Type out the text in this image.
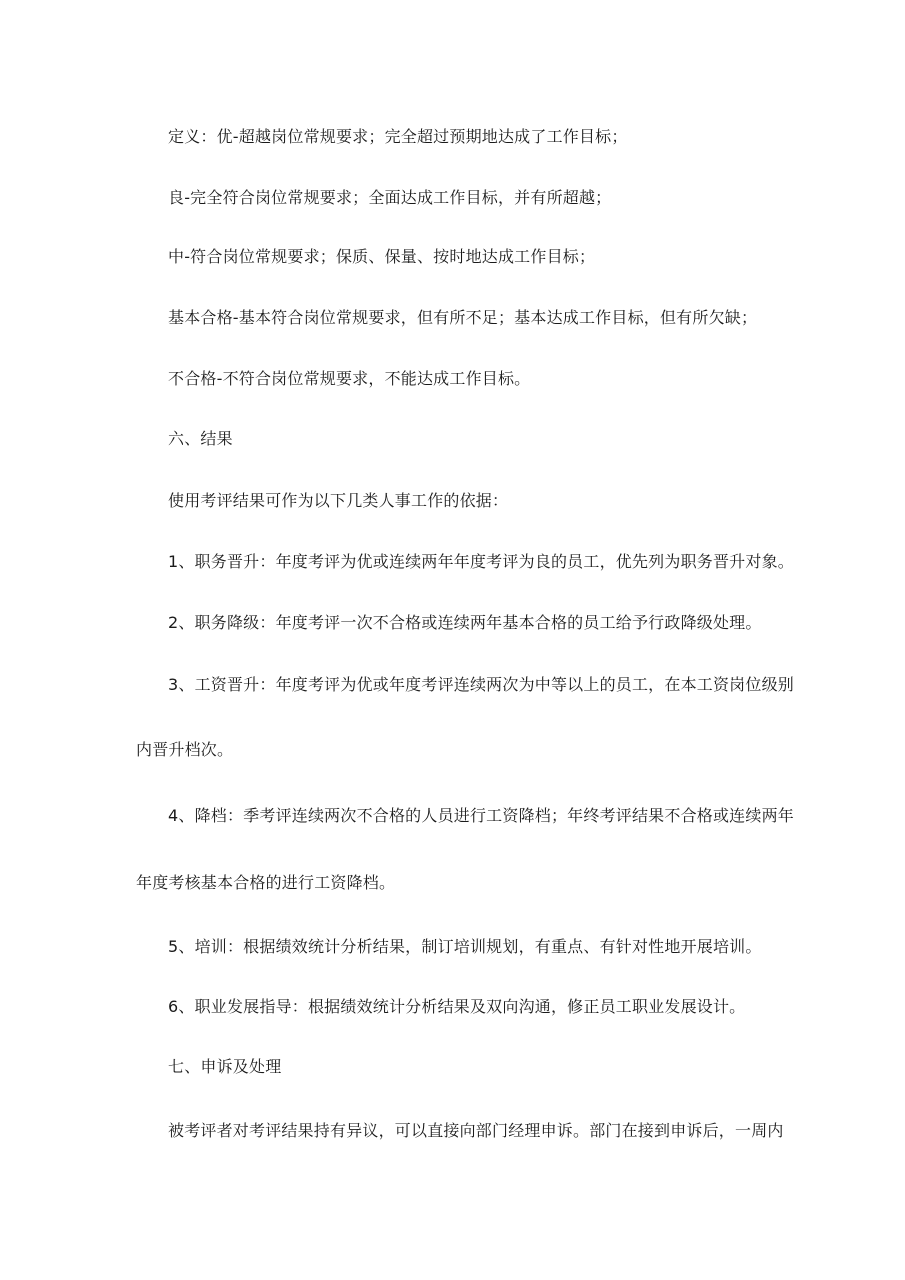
定义：优-超越岗位常规要求；完全超过预期地达成了工作目标；
良-完全符合岗位常规要求；全面达成工作目标，并有所超越；
中-符合岗位常规要求；保质、保量、按时地达成工作目标；
基本合格-基本符合岗位常规要求，但有所不足；基本达成工作目标，但有所欠缺；
不合格-不符合岗位常规要求，不能达成工作目标。
六、结果
使用考评结果可作为以下几类人事工作的依据：
1、职务晋升：年度考评为优或连续两年年度考评为良的员工，优先列为职务晋升对象。
2、职务降级：年度考评一次不合格或连续两年基本合格的员工给予行政降级处理。
3、工资晋升：年度考评为优或年度考评连续两次为中等以上的员工，在本工资岗位级别
内晋升档次。
4、降档：季考评连续两次不合格的人员进行工资降档；年终考评结果不合格或连续两年
年度考核基本合格的进行工资降档。
5、培训：根据绩效统计分析结果，制订培训规划，有重点、有针对性地开展培训。
6、职业发展指导：根据绩效统计分析结果及双向沟通，修正员工职业发展设计。
七、申诉及处理
被考评者对考评结果持有异议，可以直接向部门经理申诉。部门在接到申诉后，一周内
